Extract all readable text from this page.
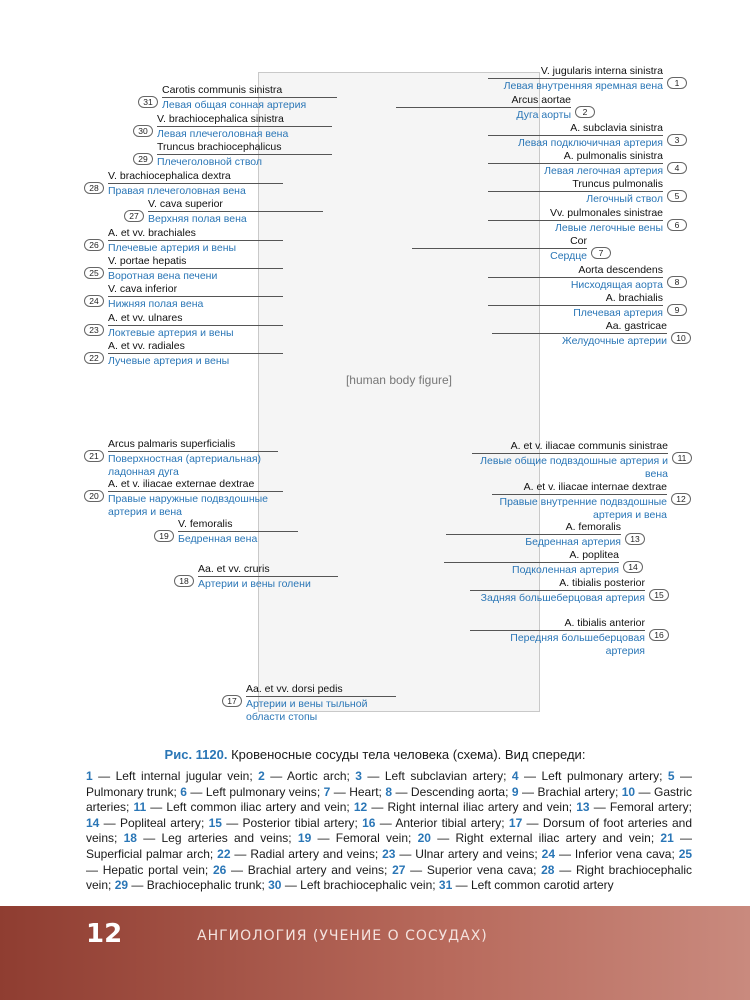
[human body figure]
31
Carotis communis sinistra
Левая общая сонная артерия
30
V. brachiocephalica sinistra
Левая плечеголовная вена
29
Truncus brachiocephalicus
Плечеголовной ствол
28
V. brachiocephalica dextra
Правая плечеголовная вена
27
V. cava superior
Верхняя полая вена
26
A. et vv. brachiales
Плечевые артерия и вены
25
V. portae hepatis
Воротная вена печени
24
V. cava inferior
Нижняя полая вена
23
A. et vv. ulnares
Локтевые артерия и вены
22
A. et vv. radiales
Лучевые артерия и вены
21
Arcus palmaris superficialis
Поверхностная (артериальная) ладонная дуга
20
A. et v. iliacae externae dextrae
Правые наружные подвздошные артерия и вена
19
V. femoralis
Бедренная вена
18
Aa. et vv. cruris
Артерии и вены голени
17
Aa. et vv. dorsi pedis
Артерии и вены тыльной области стопы
1
V. jugularis interna sinistra
Левая внутренняя яремная вена
2
Arcus aortae
Дуга аорты
3
A. subclavia sinistra
Левая подключичная артерия
4
A. pulmonalis sinistra
Левая легочная артерия
5
Truncus pulmonalis
Легочный ствол
6
Vv. pulmonales sinistrae
Левые легочные вены
7
Cor
Сердце
8
Aorta descendens
Нисходящая аорта
9
A. brachialis
Плечевая артерия
10
Aa. gastricae
Желудочные артерии
11
A. et v. iliacae communis sinistrae
Левые общие подвздошные артерия и вена
12
A. et v. iliacae internae dextrae
Правые внутренние подвздошные артерия и вена
13
A. femoralis
Бедренная артерия
14
A. poplitea
Подколенная артерия
15
A. tibialis posterior
Задняя большеберцовая артерия
16
A. tibialis anterior
Передняя большеберцовая артерия
Рис. 1120. Кровеносные сосуды тела человека (схема). Вид спереди:
1 — Left internal jugular vein; 2 — Aortic arch; 3 — Left subclavian artery; 4 — Left pulmonary artery; 5 — Pulmonary trunk; 6 — Left pulmonary veins; 7 — Heart; 8 — Descending aorta; 9 — Brachial artery; 10 — Gastric arteries; 11 — Left common iliac artery and vein; 12 — Right internal iliac artery and vein; 13 — Femoral artery; 14 — Popliteal artery; 15 — Posterior tibial artery; 16 — Anterior tibial artery; 17 — Dorsum of foot arteries and veins; 18 — Leg arteries and veins; 19 — Femoral vein; 20 — Right external iliac artery and vein; 21 — Superficial palmar arch; 22 — Radial artery and veins; 23 — Ulnar artery and veins; 24 — Inferior vena cava; 25 — Hepatic portal vein; 26 — Brachial artery and veins; 27 — Superior vena cava; 28 — Right brachiocephalic vein; 29 — Brachiocephalic trunk; 30 — Left brachiocephalic vein; 31 — Left common carotid artery
12	АНГИОЛОГИЯ (УЧЕНИЕ О СОСУДАХ)
